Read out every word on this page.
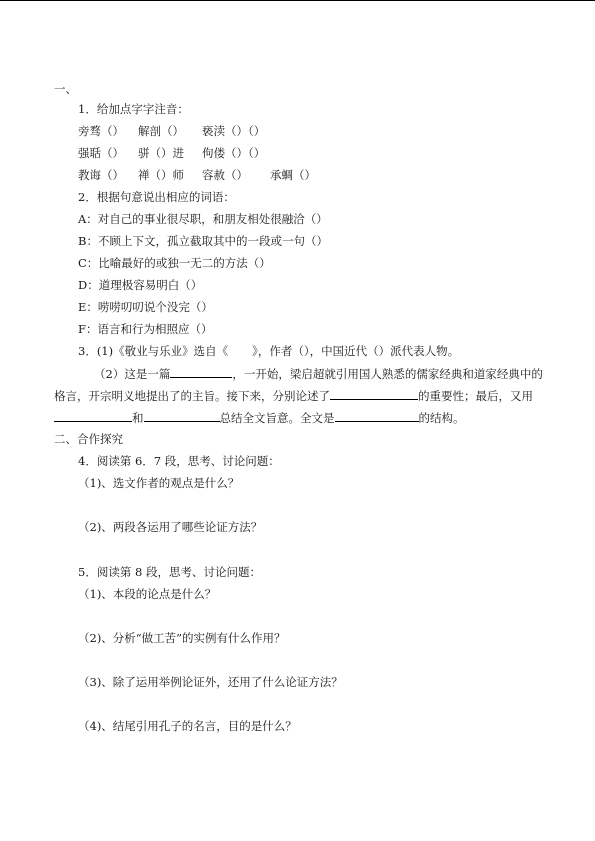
一、
1．给加点字字注音：
旁骛（） 解剖（） 亵渎（）（）
强聒（） 骈（）进 佝偻（）（）
教诲（） 禅（）师 容赦（） 承蜩（）
2．根据句意说出相应的词语：
A：对自己的事业很尽职，和朋友相处很融洽（）
B：不顾上下文，孤立截取其中的一段或一句（）
C：比喻最好的或独一无二的方法（）
D：道理极容易明白（）
E：唠唠叨叨说个没完（）
F：语言和行为相照应（）
3．(1)《敬业与乐业》选自《 》，作者（），中国近代（）派代表人物。
（2）这是一篇	，一开始，梁启超就引用国人熟悉的儒家经典和道家经典中的
格言，开宗明义地提出了的主旨。接下来，分别论述了	的重要性；最后，又用
和	总结全文旨意。全文是	的结构。
二、合作探究
4．阅读第 6．7 段，思考、讨论问题：
（1)、选文作者的观点是什么？
（2)、两段各运用了哪些论证方法？
5．阅读第 8 段，思考、讨论问题：
（1)、本段的论点是什么？
（2)、分析“做工苦”的实例有什么作用？
（3)、除了运用举例论证外，还用了什么论证方法？
（4)、结尾引用孔子的名言，目的是什么？
